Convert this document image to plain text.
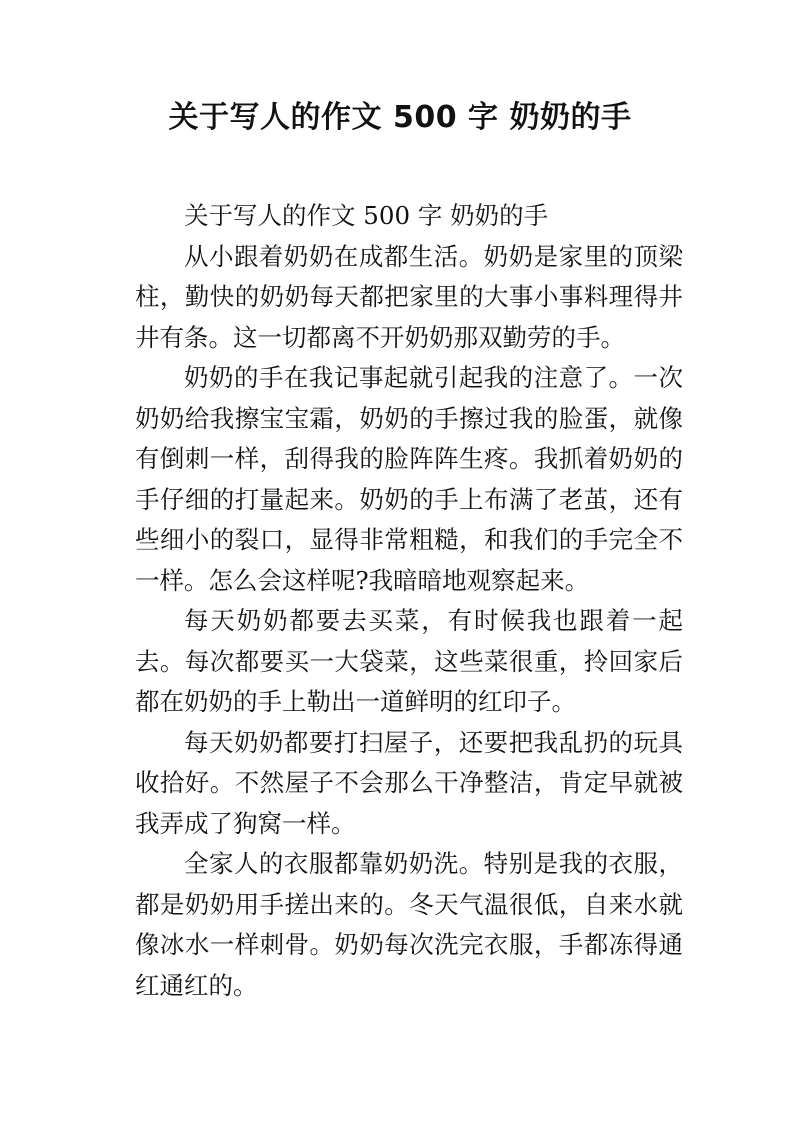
关于写人的作文 500 字 奶奶的手

关于写人的作文 500 字 奶奶的手

从小跟着奶奶在成都生活。奶奶是家里的顶梁柱，勤快的奶奶每天都把家里的大事小事料理得井井有条。这一切都离不开奶奶那双勤劳的手。

奶奶的手在我记事起就引起我的注意了。一次奶奶给我擦宝宝霜，奶奶的手擦过我的脸蛋，就像有倒刺一样，刮得我的脸阵阵生疼。我抓着奶奶的手仔细的打量起来。奶奶的手上布满了老茧，还有些细小的裂口，显得非常粗糙，和我们的手完全不一样。怎么会这样呢?我暗暗地观察起来。

每天奶奶都要去买菜，有时候我也跟着一起去。每次都要买一大袋菜，这些菜很重，拎回家后都在奶奶的手上勒出一道鲜明的红印子。

每天奶奶都要打扫屋子，还要把我乱扔的玩具收拾好。不然屋子不会那么干净整洁，肯定早就被我弄成了狗窝一样。

全家人的衣服都靠奶奶洗。特别是我的衣服，都是奶奶用手搓出来的。冬天气温很低，自来水就像冰水一样刺骨。奶奶每次洗完衣服，手都冻得通红通红的。
